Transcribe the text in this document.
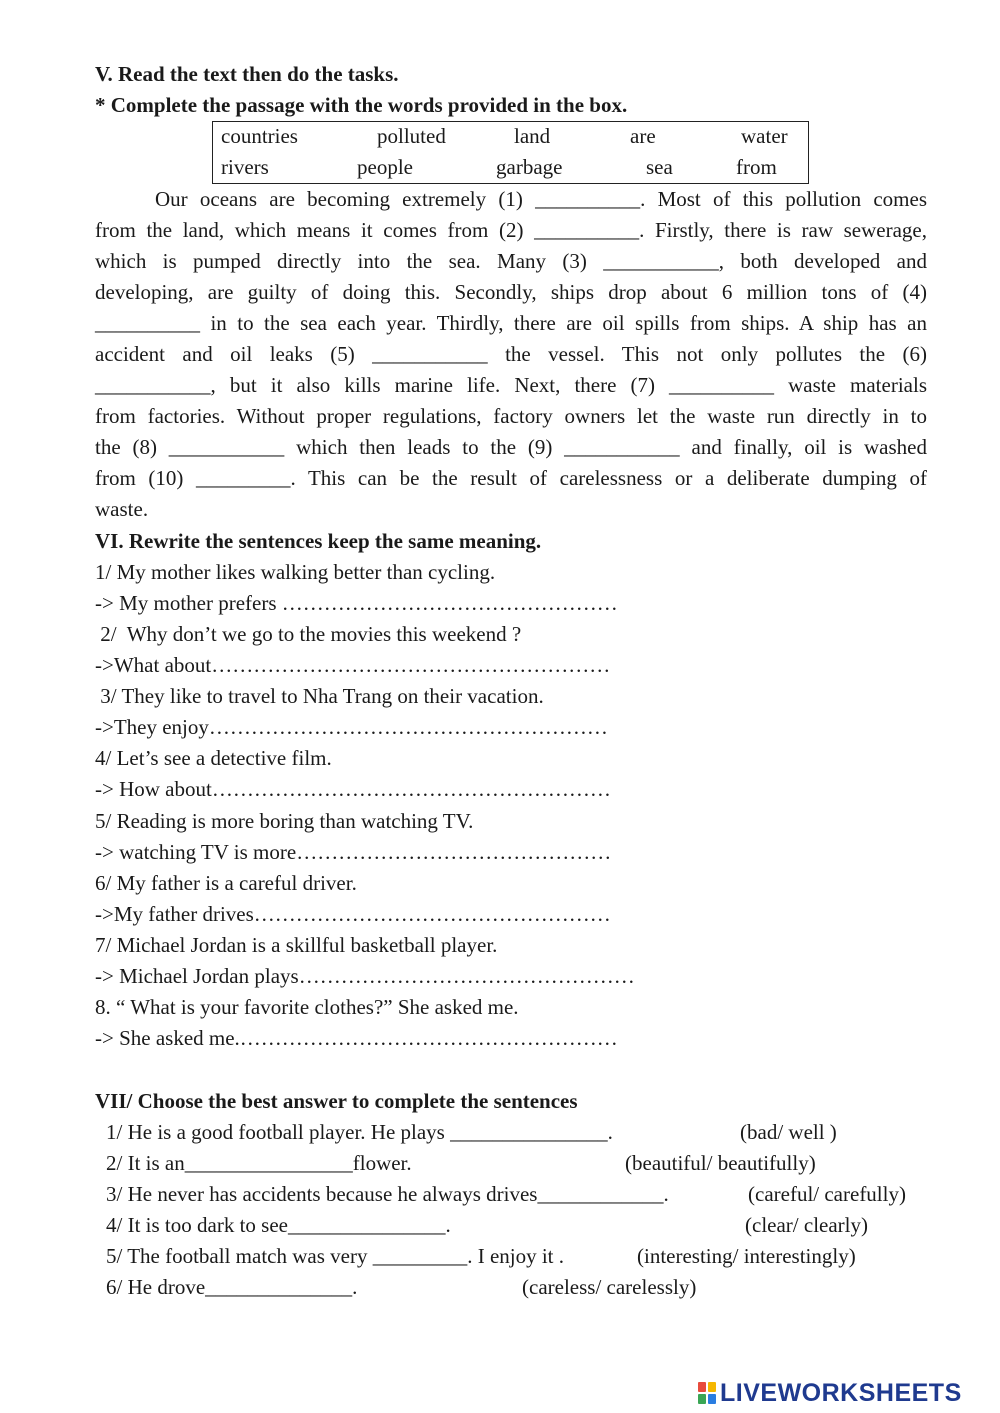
V. Read the text then do the tasks.
* Complete the passage with the words provided in the box.
countries	polluted	land	are	water
rivers	people	garbage	sea	from
Our oceans are becoming extremely (1) __________. Most of this pollution comes
from the land, which means it comes from (2) __________. Firstly, there is raw sewerage,
which is pumped directly into the sea. Many (3) ___________, both developed and
developing, are guilty of doing this. Secondly, ships drop about 6 million tons of (4)
__________ in to the sea each year. Thirdly, there are oil spills from ships. A ship has an
accident and oil leaks (5) ___________ the vessel. This not only pollutes the (6)
___________, but it also kills marine life. Next, there (7) __________ waste materials
from factories. Without proper regulations, factory owners let the waste run directly in to
the (8) ___________ which then leads to the (9) ___________ and finally, oil is washed
from (10) _________. This can be the result of carelessness or a deliberate dumping of
waste.
VI. Rewrite the sentences keep the same meaning.
1/ My mother likes walking better than cycling.
-> My mother prefers …………………………………………
2/  Why don’t we go to the movies this weekend ?
->What about…………………………………………………
3/ They like to travel to Nha Trang on their vacation.
->They enjoy…………………………………………………
4/ Let’s see a detective film.
-> How about…………………………………………………
5/ Reading is more boring than watching TV.
-> watching TV is more………………………………………
6/ My father is a careful driver.
->My father drives……………………………………………
7/ Michael Jordan is a skillful basketball player.
-> Michael Jordan plays…………………………………………
8. “ What is your favorite clothes?” She asked me.
-> She asked me.………………………………………………
VII/ Choose the best answer to complete the sentences
1/ He is a good football player. He plays _______________.	(bad/ well )
2/ It is an________________flower.	(beautiful/ beautifully)
3/ He never has accidents because he always drives____________.	(careful/ carefully)
4/ It is too dark to see_______________.	(clear/ clearly)
5/ The football match was very _________. I enjoy it .	(interesting/ interestingly)
6/ He drove______________.	(careless/ carelessly)
LIVEWORKSHEETS
